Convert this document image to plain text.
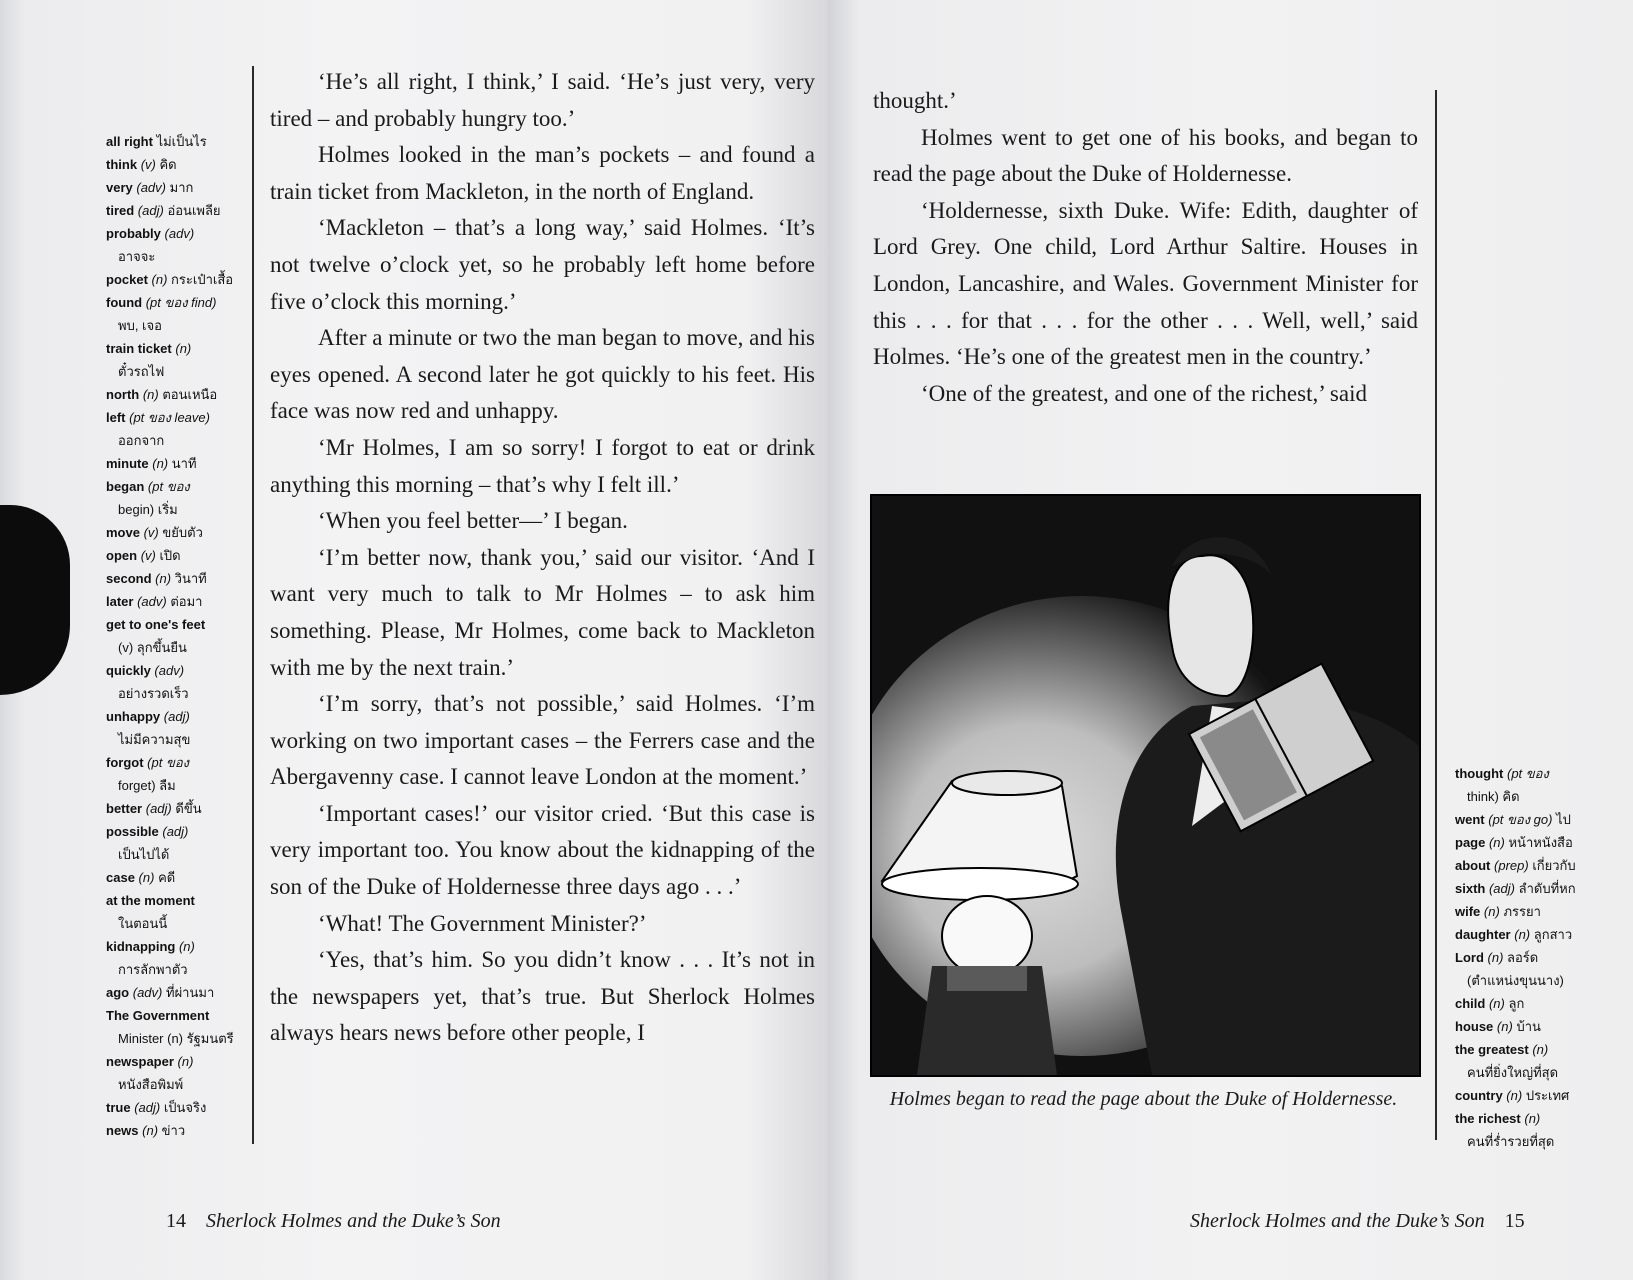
all right ไม่เป็นไร
think (v) คิด
very (adv) มาก
tired (adj) อ่อนเพลีย
probably (adv)
อาจจะ
pocket (n) กระเป๋าเสื้อ
found (pt ของ find)
พบ, เจอ
train ticket (n)
ตั๋วรถไฟ
north (n) ตอนเหนือ
left (pt ของ leave)
ออกจาก
minute (n) นาที
began (pt ของ
begin) เริ่ม
move (v) ขยับตัว
open (v) เปิด
second (n) วินาที
later (adv) ต่อมา
get to one's feet
(v) ลุกขึ้นยืน
quickly (adv)
อย่างรวดเร็ว
unhappy (adj)
ไม่มีความสุข
forgot (pt ของ
forget) ลืม
better (adj) ดีขึ้น
possible (adj)
เป็นไปได้
case (n) คดี
at the moment
ในตอนนี้
kidnapping (n)
การลักพาตัว
ago (adv) ที่ผ่านมา
The Government
Minister (n) รัฐมนตรี
newspaper (n)
หนังสือพิมพ์
true (adj) เป็นจริง
news (n) ข่าว

‘He’s all right, I think,’ I said. ‘He’s just very, very tired – and probably hungry too.’

Holmes looked in the man’s pockets – and found a train ticket from Mackleton, in the north of England.

‘Mackleton – that’s a long way,’ said Holmes. ‘It’s not twelve o’clock yet, so he probably left home before five o’clock this morning.’

After a minute or two the man began to move, and his eyes opened. A second later he got quickly to his feet. His face was now red and unhappy.

‘Mr Holmes, I am so sorry! I forgot to eat or drink anything this morning – that’s why I felt ill.’

‘When you feel better—’ I began.

‘I’m better now, thank you,’ said our visitor. ‘And I want very much to talk to Mr Holmes – to ask him something. Please, Mr Holmes, come back to Mackleton with me by the next train.’

‘I’m sorry, that’s not possible,’ said Holmes. ‘I’m working on two important cases – the Ferrers case and the Abergavenny case. I cannot leave London at the moment.’

‘Important cases!’ our visitor cried. ‘But this case is very important too. You know about the kidnapping of the son of the Duke of Holdernesse three days ago . . .’

‘What! The Government Minister?’

‘Yes, that’s him. So you didn’t know . . . It’s not in the newspapers yet, that’s true. But Sherlock Holmes always hears news before other people, I

thought.’

Holmes went to get one of his books, and began to read the page about the Duke of Holdernesse.

‘Holdernesse, sixth Duke. Wife: Edith, daughter of Lord Grey. One child, Lord Arthur Saltire. Houses in London, Lancashire, and Wales. Government Minister for this . . . for that . . . for the other . . . Well, well,’ said Holmes. ‘He’s one of the greatest men in the country.’

‘One of the greatest, and one of the richest,’ said

Holmes began to read the page about the Duke of Holdernesse.
thought (pt ของ
think) คิด
went (pt ของ go) ไป
page (n) หน้าหนังสือ
about (prep) เกี่ยวกับ
sixth (adj) ลำดับที่หก
wife (n) ภรรยา
daughter (n) ลูกสาว
Lord (n) ลอร์ด
(ตำแหน่งขุนนาง)
child (n) ลูก
house (n) บ้าน
the greatest (n)
คนที่ยิ่งใหญ่ที่สุด
country (n) ประเทศ
the richest (n)
คนที่ร่ำรวยที่สุด
14 Sherlock Holmes and the Duke’s Son	Sherlock Holmes and the Duke’s Son 15
